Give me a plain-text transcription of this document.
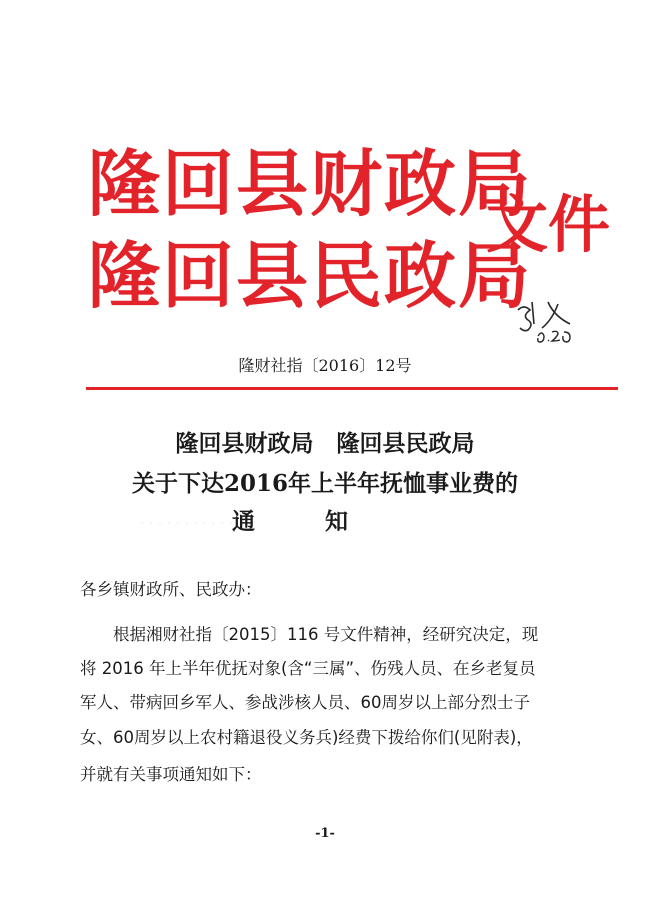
隆回县财政局
隆回县民政局
文件
隆财社指〔2016〕12号
· · · · · · · · · · · ·
隆回县财政局　隆回县民政局
关于下达2016年上半年抚恤事业费的
通知
各乡镇财政所、民政办：
　　根据湘财社指〔2015〕116 号文件精神，经研究决定，现
将 2016 年上半年优抚对象(含“三属”、伤残人员、在乡老复员
军人、带病回乡军人、参战涉核人员、60周岁以上部分烈士子
女、60周岁以上农村籍退役义务兵)经费下拨给你们(见附表)，
并就有关事项通知如下：
-1-
